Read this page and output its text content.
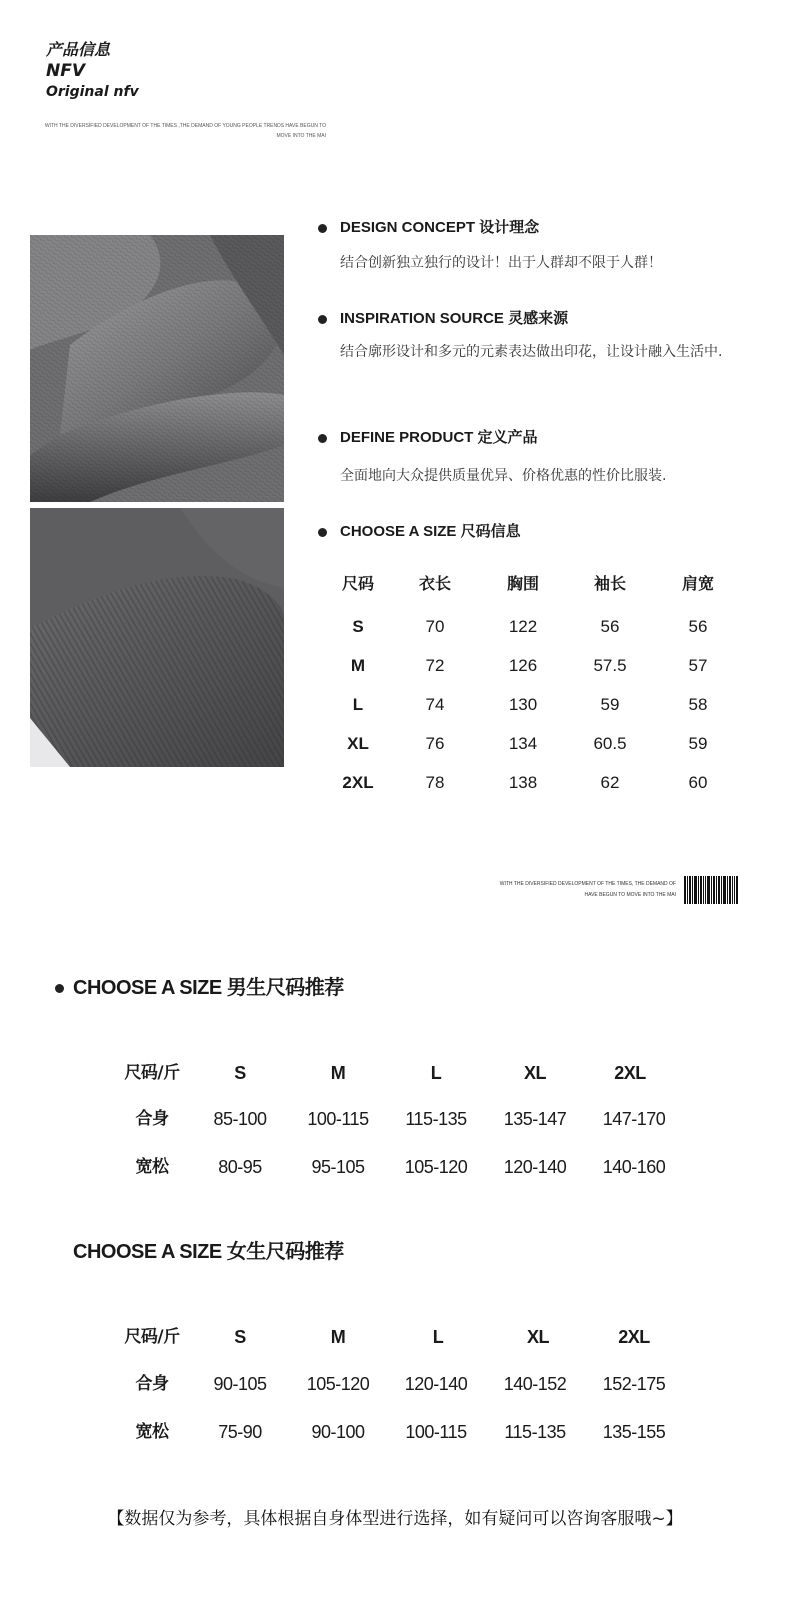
产品信息
NFV
Original nfv
WITH THE DIVERSIFIED DEVELOPMENT OF THE TIMES ,THE DEMAND OF YOUNG PEOPLE TRENDS HAVE BEGUN TO MOVE INTO THE MAI
DESIGN CONCEPT 设计理念
结合创新独立独行的设计！出于人群却不限于人群！
INSPIRATION SOURCE 灵感来源
结合廓形设计和多元的元素表达做出印花，让设计融入生活中.
DEFINE PRODUCT 定义产品
全面地向大众提供质量优异、价格优惠的性价比服装.
CHOOSE A SIZE 尺码信息
尺码	衣长	胸围	袖长	肩宽
S	70	122	56	56
M	72	126	57.5	57
L	74	130	59	58
XL	76	134	60.5	59
2XL	78	138	62	60
WITH THE DIVERSIFIED DEVELOPMENT OF THE TIMES, THE DEMAND OF
HAVE BEGUN TO MOVE INTO THE MAI
CHOOSE A SIZE 男生尺码推荐
尺码/斤	S	M	L	XL	2XL
合身	85-100	100-115	115-135	135-147	147-170
宽松	80-95	95-105	105-120	120-140	140-160
CHOOSE A SIZE 女生尺码推荐
尺码/斤	S	M	L	XL	2XL
合身	90-105	105-120	120-140	140-152	152-175
宽松	75-90	90-100	100-115	115-135	135-155
【数据仅为参考，具体根据自身体型进行选择，如有疑问可以咨询客服哦~】
